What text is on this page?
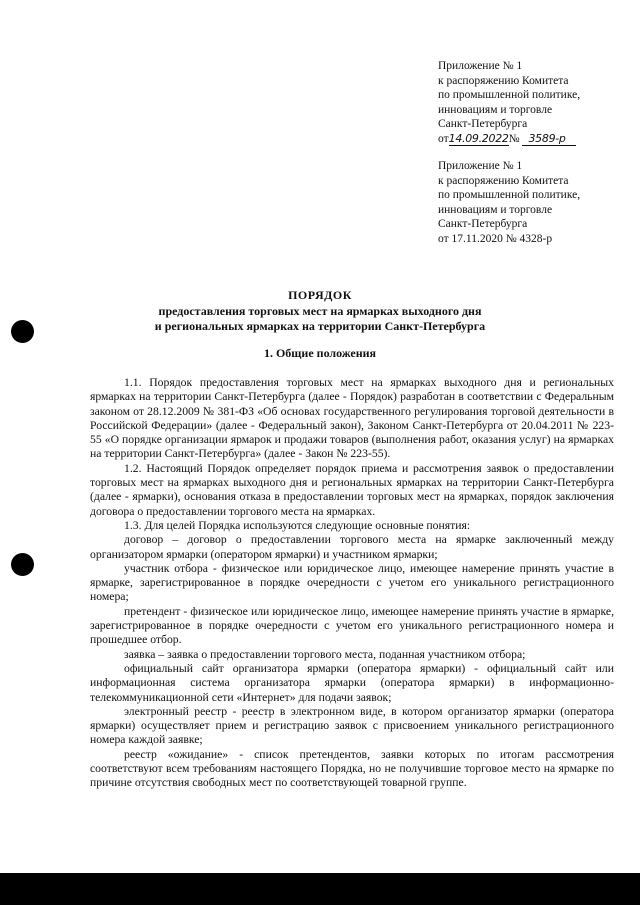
Приложение № 1
к распоряжению Комитета
по промышленной политике,
инновациям и торговле
Санкт-Петербурга
от14.09.2022№ 3589-р
Приложение № 1
к распоряжению Комитета
по промышленной политике,
инновациям и торговле
Санкт-Петербурга
от 17.11.2020 № 4328-р
ПОРЯДОК
предоставления торговых мест на ярмарках выходного дня
и региональных ярмарках на территории Санкт-Петербурга
1. Общие положения

1.1. Порядок предоставления торговых мест на ярмарках выходного дня и региональных ярмарках на территории Санкт-Петербурга (далее - Порядок) разработан в соответствии с Федеральным законом от 28.12.2009 № 381-ФЗ «Об основах государственного регулирования торговой деятельности в Российской Федерации» (далее - Федеральный закон), Законом Санкт-Петербурга от 20.04.2011 № 223-55 «О порядке организации ярмарок и продажи товаров (выполнения работ, оказания услуг) на ярмарках на территории Санкт-Петербурга» (далее - Закон № 223-55).

1.2. Настоящий Порядок определяет порядок приема и рассмотрения заявок о предоставлении торговых мест на ярмарках выходного дня и региональных ярмарках на территории Санкт-Петербурга (далее - ярмарки), основания отказа в предоставлении торговых мест на ярмарках, порядок заключения договора о предоставлении торгового места на ярмарках.

1.3. Для целей Порядка используются следующие основные понятия:

договор – договор о предоставлении торгового места на ярмарке заключенный между организатором ярмарки (оператором ярмарки) и участником ярмарки;

участник отбора - физическое или юридическое лицо, имеющее намерение принять участие в ярмарке, зарегистрированное в порядке очередности с учетом его уникального регистрационного номера;

претендент - физическое или юридическое лицо, имеющее намерение принять участие в ярмарке, зарегистрированное в порядке очередности с учетом его уникального регистрационного номера и прошедшее отбор.

заявка – заявка о предоставлении торгового места, поданная участником отбора;

официальный сайт организатора ярмарки (оператора ярмарки) - официальный сайт или информационная система организатора ярмарки (оператора ярмарки) в информационно-телекоммуникационной сети «Интернет» для подачи заявок;

электронный реестр - реестр в электронном виде, в котором организатор ярмарки (оператора ярмарки) осуществляет прием и регистрацию заявок с присвоением уникального регистрационного номера каждой заявке;

реестр «ожидание» - список претендентов, заявки которых по итогам рассмотрения соответствуют всем требованиям настоящего Порядка, но не получившие торговое место на ярмарке по причине отсутствия свободных мест по соответствующей товарной группе.
